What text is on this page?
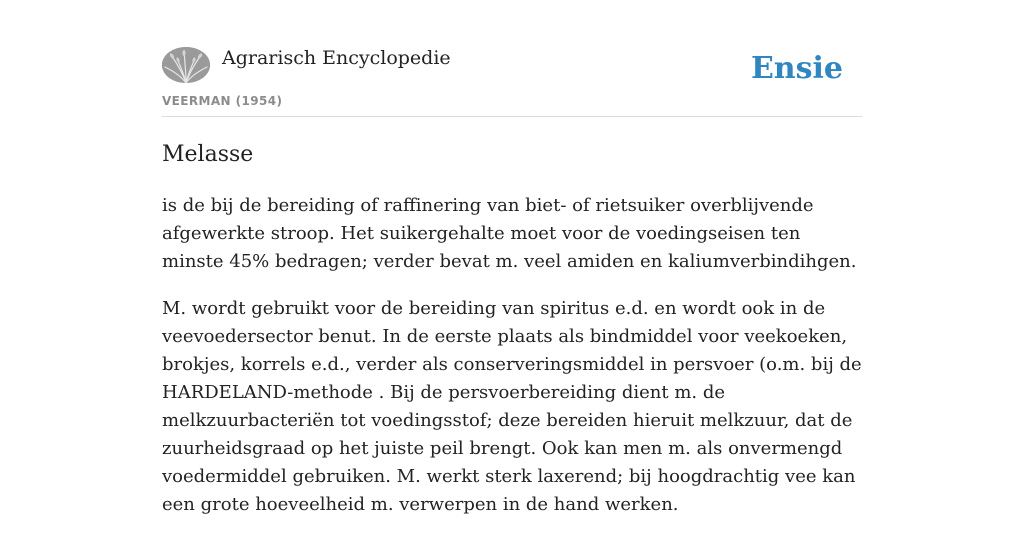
Agrarisch Encyclopedie
VEERMAN (1954)
Ensie
Melasse

is de bij de bereiding of raffinering van biet- of rietsuiker overblijvende afgewerkte stroop. Het suikergehalte moet voor de voedingseisen ten minste 45% bedragen; verder bevat m. veel amiden en kaliumverbindihgen.

M. wordt gebruikt voor de bereiding van spiritus e.d. en wordt ook in de veevoedersector benut. In de eerste plaats als bindmiddel voor veekoeken, brokjes, korrels e.d., verder als conserveringsmiddel in persvoer (o.m. bij de HARDELAND-methode . Bij de persvoerbereiding dient m. de melkzuurbacteriën tot voedingsstof; deze bereiden hieruit melkzuur, dat de zuurheidsgraad op het juiste peil brengt. Ook kan men m. als onvermengd voedermiddel gebruiken. M. werkt sterk laxerend; bij hoogdrachtig vee kan een grote hoeveelheid m. verwerpen in de hand werken.
